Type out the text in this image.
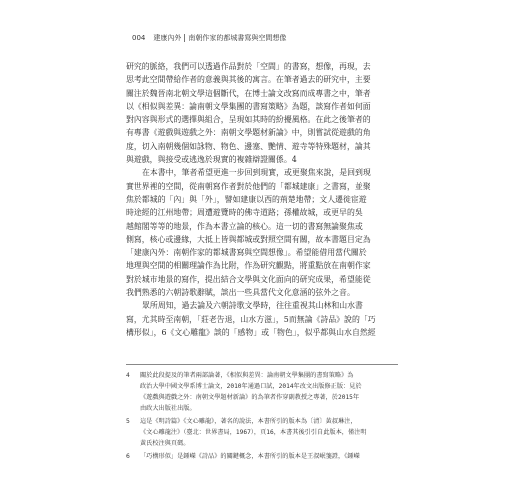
004 建康內外 南朝作家的都城書寫與空間想像
研究的脈絡，我們可以透過作品對於「空間」的書寫，想像，再現，去
思考此空間帶給作者的意義與其後的寓言。在筆者過去的研究中，主要
關注於魏晉南北朝文學這個斷代，在博士論文改寫而成專書之中，筆者
以《相似與差異：論南朝文學集團的書寫策略》為題，談寫作者如何面
對內容與形式的選擇與組合，呈現如其時的紛擾風格。在此之後筆者的
有專書《遊戲與遊戲之外：南朝文學題材新論》中，則嘗試從遊戲的角
度，切入南朝幾個如詠物、物色、邊塞、艷情、遊寺等特殊題材，論其
與遊戲，與接受或逃逸於現實的複雜辯證關係。4
在本書中，筆者希望更進一步回到現實，或更聚焦來說，是回到現
實世界裡的空間，從南朝寫作者對於他們的「都城建康」之書寫，並聚
焦於都城的「內」與「外」，譬如建康以西的荊楚地帶；文人遷徙宦遊
時途經的江州地帶；周遭遊覽時的佛寺道路；孫權故城，或更早的吳
越館閣等等的地景，作為本書立論的核心。這一切的書寫無論聚焦或
側寫，核心或邊緣，大抵上皆與都城或對照空間有關，故本書題目定為
「建康內外：南朝作家的都城書寫與空間想像」。希望能借用當代關於
地理與空間的相關理論作為比附，作為研究觀點，將重點放在南朝作家
對於城市地景的寫作，提出結合文學與文化面向的研究成果，希望能從
我們熟悉的六朝詩歌辭賦，談出一些具當代文化意涵的弦外之音。
眾所周知，過去論及六朝詩歌文學時，往往重視其山林和山水書
寫，尤其時至南朝，「莊老告退，山水方滋」，5而無論《詩品》說的「巧
構形似」，6《文心雕龍》談的「感物」或「物色」，似乎都與山水自然經
4	關於此段提及的筆者兩部論著，《相似與差異：論南朝文學集團的書寫策略》為
政治大學中國文學系博士論文，2010年通過口試，2014年改文出版修正版：見於
《遊戲與遊戲之外：南朝文學題材新論》的為筆者作穿副教授之專著，於2015年
由政大出版社出版。
5	這是《明詩篇》《文心雕龍》，著名的說法，本書所引的版本為〔清〕黃叔琳注，
《文心雕龍注》（臺北：世界書局，1967），頁16，本書其後引引自此版本，僅注明
黃氏校注與頁碼。
6	「巧構形似」是鍾嶸《詩品》的關鍵概念，本書所引的版本是王叔岷箋證，《鍾嶸
